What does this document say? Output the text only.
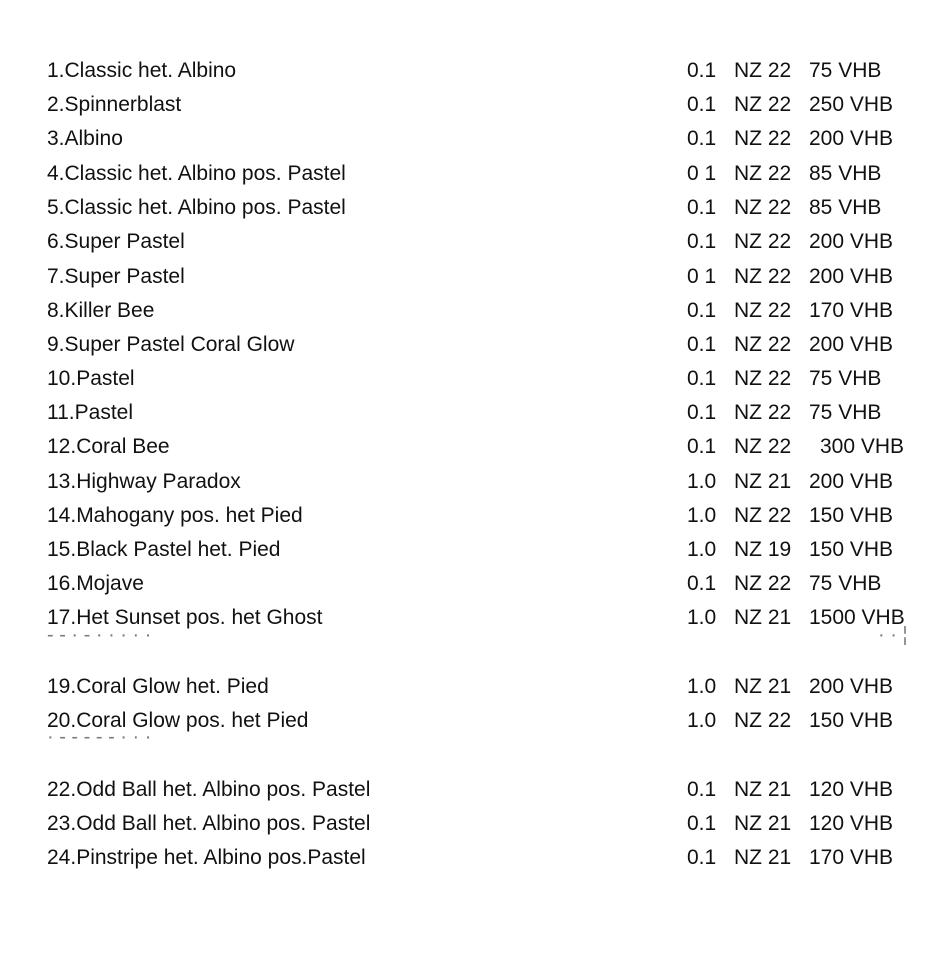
1.Classic het. Albino	0.1 NZ 22 75 VHB
2.Spinnerblast	0.1 NZ 22 250 VHB
3.Albino	0.1 NZ 22 200 VHB
4.Classic het. Albino pos. Pastel	0 1 NZ 22 85 VHB
5.Classic het. Albino pos. Pastel	0.1 NZ 22 85 VHB
6.Super Pastel	0.1 NZ 22 200 VHB
7.Super Pastel	0 1 NZ 22 200 VHB
8.Killer Bee	0.1 NZ 22 170 VHB
9.Super Pastel Coral Glow	0.1 NZ 22 200 VHB
10.Pastel	0.1 NZ 22 75 VHB
11.Pastel	0.1 NZ 22 75 VHB
12.Coral Bee	0.1 NZ 22 300 VHB
13.Highway Paradox	1.0 NZ 21 200 VHB
14.Mahogany pos. het Pied	1.0 NZ 22 150 VHB
15.Black Pastel het. Pied	1.0 NZ 19 150 VHB
16.Mojave	0.1 NZ 22 75 VHB
17.Het Sunset pos. het Ghost	1.0 NZ 21 1500 VHB
- - · - · · · · ·	· · ¦
19.Coral Glow het. Pied	1.0 NZ 21 200 VHB
20.Coral Glow pos. het Pied	1.0 NZ 22 150 VHB
· - - - - - · · ·
22.Odd Ball het. Albino pos. Pastel	0.1 NZ 21 120 VHB
23.Odd Ball het. Albino pos. Pastel	0.1 NZ 21 120 VHB
24.Pinstripe het. Albino pos.Pastel	0.1 NZ 21 170 VHB
